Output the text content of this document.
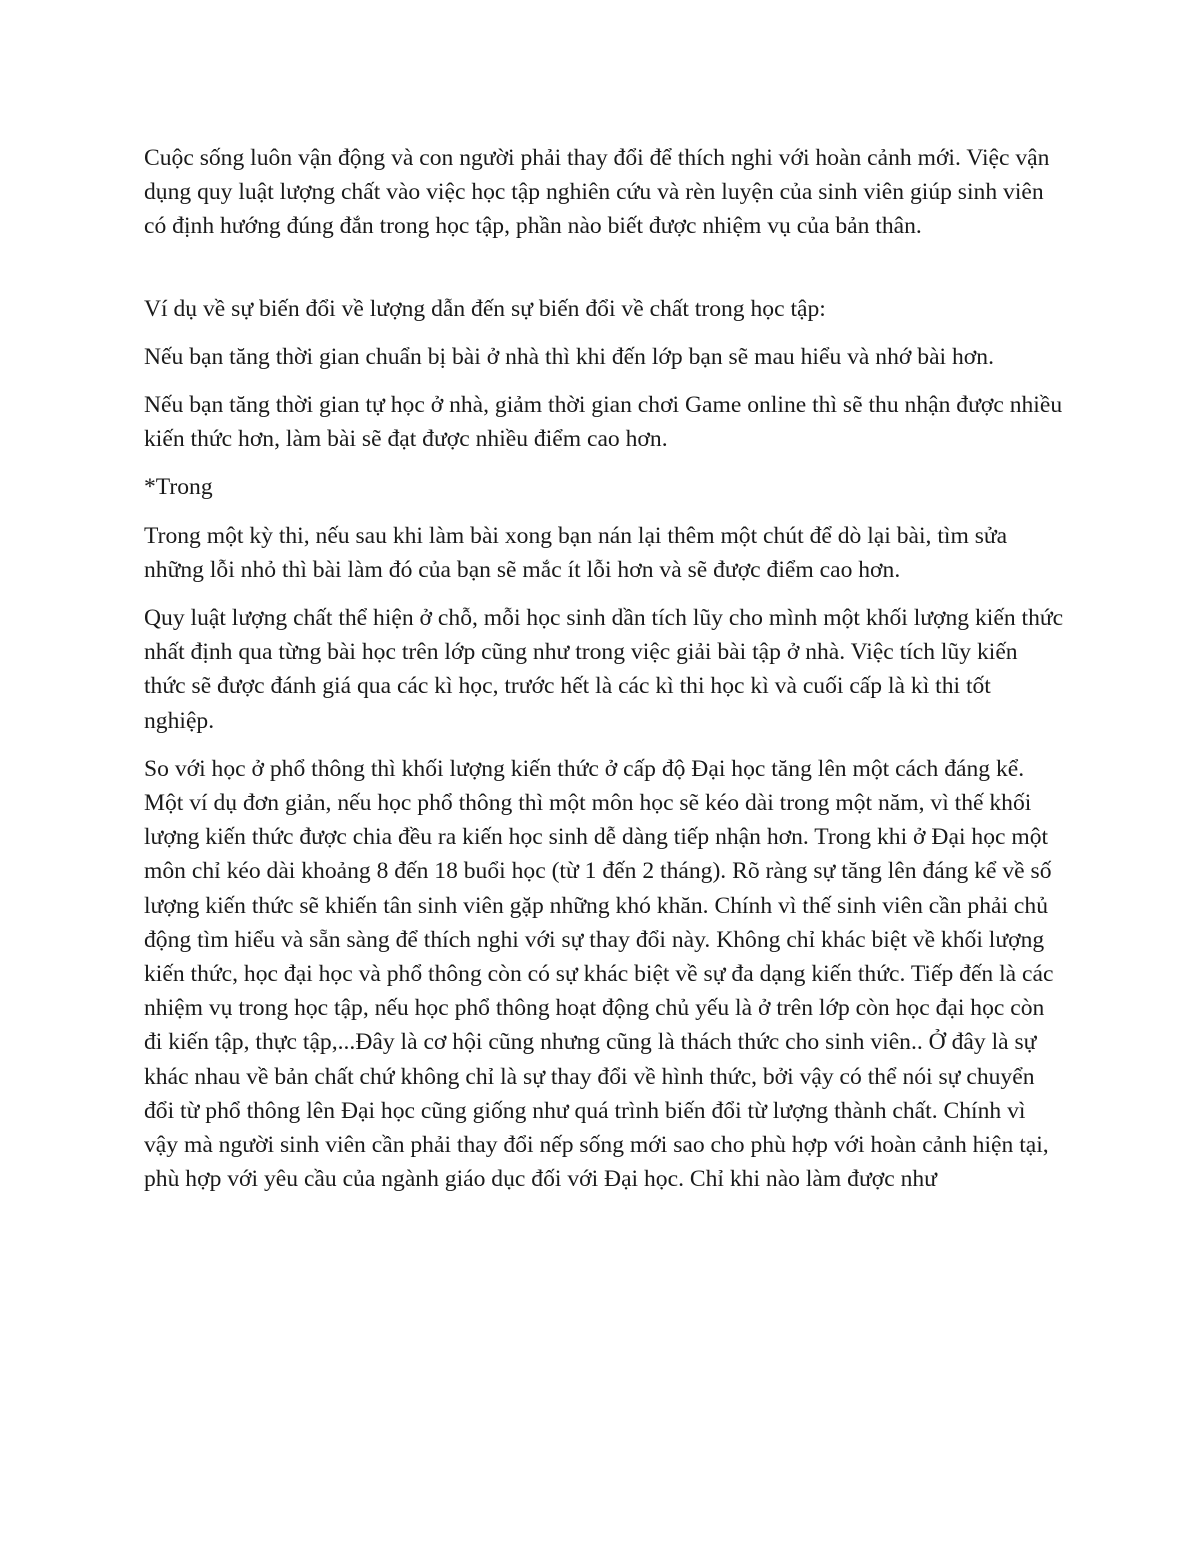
Cuộc sống luôn vận động và con người phải thay đổi để thích nghi với hoàn cảnh mới. Việc vận dụng quy luật lượng chất vào việc học tập nghiên cứu và rèn luyện của sinh viên giúp sinh viên có định hướng đúng đắn trong học tập, phần nào biết được nhiệm vụ của bản thân.

Ví dụ về sự biến đổi về lượng dẫn đến sự biến đổi về chất trong học tập:

Nếu bạn tăng thời gian chuẩn bị bài ở nhà thì khi đến lớp bạn sẽ mau hiểu và nhớ bài hơn.

Nếu bạn tăng thời gian tự học ở nhà, giảm thời gian chơi Game online thì sẽ thu nhận được nhiều kiến thức hơn, làm bài sẽ đạt được nhiều điểm cao hơn.

*Trong

Trong một kỳ thi, nếu sau khi làm bài xong bạn nán lại thêm một chút để dò lại bài, tìm sửa những lỗi nhỏ thì bài làm đó của bạn sẽ mắc ít lỗi hơn và sẽ được điểm cao hơn.

Quy luật lượng chất thể hiện ở chỗ, mỗi học sinh dần tích lũy cho mình một khối lượng kiến thức nhất định qua từng bài học trên lớp cũng như trong việc giải bài tập ở nhà. Việc tích lũy kiến thức sẽ được đánh giá qua các kì học, trước hết là các kì thi học kì và cuối cấp là kì thi tốt nghiệp.

So với học ở phổ thông thì khối lượng kiến thức ở cấp độ Đại học tăng lên một cách đáng kể. Một ví dụ đơn giản, nếu học phổ thông thì một môn học sẽ kéo dài trong một năm, vì thế khối lượng kiến thức được chia đều ra kiến học sinh dễ dàng tiếp nhận hơn. Trong khi ở Đại học một môn chỉ kéo dài khoảng 8 đến 18 buổi học (từ 1 đến 2 tháng). Rõ ràng sự tăng lên đáng kể về số lượng kiến thức sẽ khiến tân sinh viên gặp những khó khăn. Chính vì thế sinh viên cần phải chủ động tìm hiểu và sẵn sàng để thích nghi với sự thay đổi này. Không chỉ khác biệt về khối lượng kiến thức, học đại học và phổ thông còn có sự khác biệt về sự đa dạng kiến thức. Tiếp đến là các nhiệm vụ trong học tập, nếu học phổ thông hoạt động chủ yếu là ở trên lớp còn học đại học còn đi kiến tập, thực tập,...Đây là cơ hội cũng nhưng cũng là thách thức cho sinh viên.. Ở đây là sự khác nhau về bản chất chứ không chỉ là sự thay đổi về hình thức, bởi vậy có thể nói sự chuyển đổi từ phổ thông lên Đại học cũng giống như quá trình biến đổi từ lượng thành chất. Chính vì vậy mà người sinh viên cần phải thay đổi nếp sống mới sao cho phù hợp với hoàn cảnh hiện tại, phù hợp với yêu cầu của ngành giáo dục đối với Đại học. Chỉ khi nào làm được như
